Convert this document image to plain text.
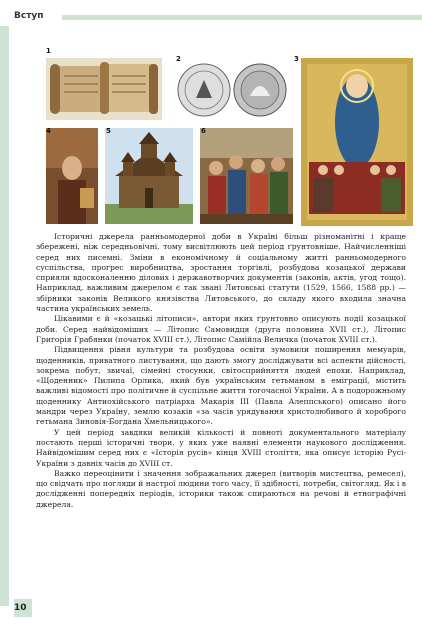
Вступ
1
2	3
4	5	6

Історичні джерела ранньомодерної доби в Україні більш різноманітні і краще збережені, ніж середньовічні, тому висвітлюють цей період ґрунтовніше. Найчисленніші серед них писемні. Зміни в економічному й соціальному житті ранньомодерного суспільства, прогрес виробництва, зростання торгівлі, розбудова козацької держави сприяли вдосконаленню ділових і державотворчих документів (законів, актів, угод тощо). Наприклад, важливим джерелом є так звані Литовські статути (1529, 1566, 1588 рр.) — збірники законів Великого князівства Литовського, до складу якого входила значна частина українських земель.

Цікавими є й «козацькі літописи», автори яких ґрунтовно описують події козацької доби. Серед найвідоміших — Літопис Самовидця (друга половина XVII ст.), Літопис Григорія Грабянки (початок XVIII ст.), Літопис Самійла Величка (початок XVIII ст.).

Підвищення рівня культури та розбудова освіти зумовили поширення мемуарів, щоденників, приватного листування, що дають змогу досліджувати всі аспекти дійсності, зокрема побут, звичаї, сімейні стосунки, світосприйняття людей епохи. Наприклад, «Щоденник» Пилипа Орлика, який був українським гетьманом в еміграції, містить важливі відомості про політичне й суспільне життя тогочасної України. А в подорожньому щоденнику Антиохійського патріарха Макарія III (Павла Алеппського) описано його мандри через Україну, землю козаків «за часів урядування христолюбивого й хороброго гетьмана Зиновія-Богдана Хмельницького».

У цей період завдяки великій кількості й повноті документального матеріалу постають перші історичні твори, у яких уже наявні елементи наукового дослідження. Найвідомішим серед них є «Історія русів» кінця XVIII століття, яка описує історію Русі-України з давніх часів до XVIII ст.

Важко переоцінити і значення зображальних джерел (витворів мистецтва, ремесел), що свідчать про погляди й настрої людини того часу, її здібності, потреби, світогляд. Як і в дослідженні попередніх періодів, історики також спираються на речові й етнографічні джерела.

10
